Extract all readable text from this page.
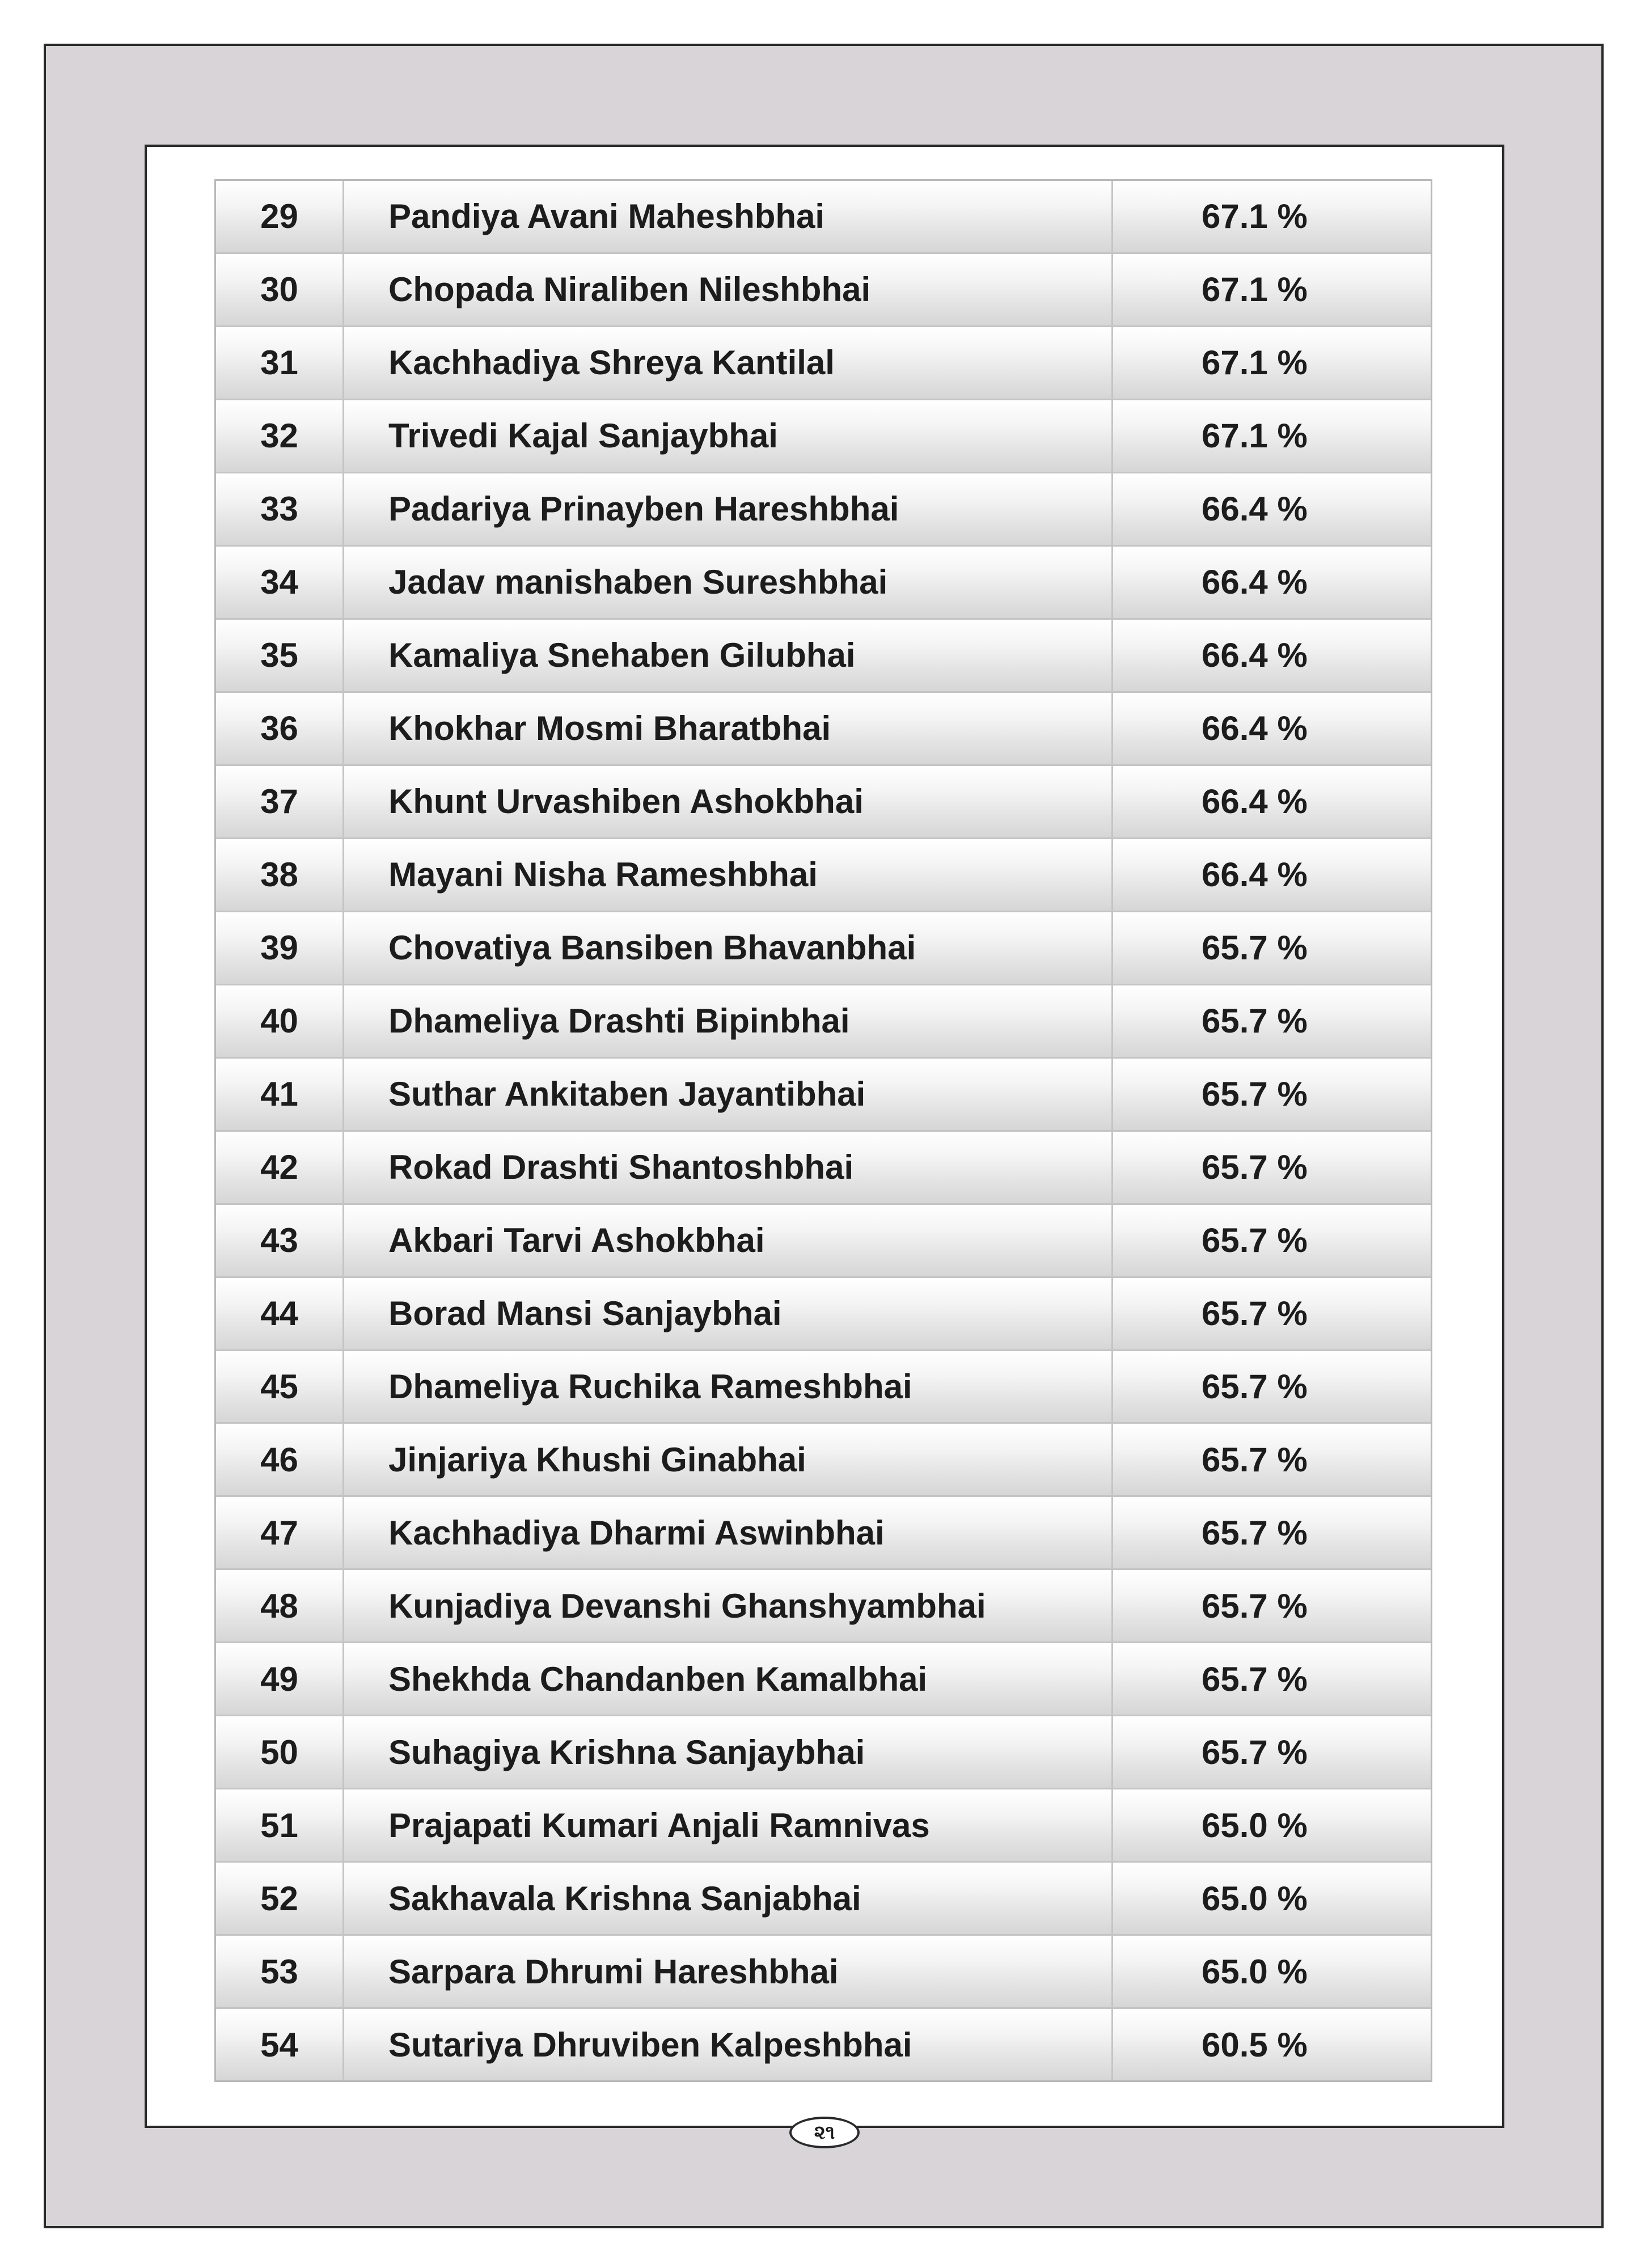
29	Pandiya Avani Maheshbhai	67.1 %
30	Chopada Niraliben Nileshbhai	67.1 %
31	Kachhadiya Shreya Kantilal	67.1 %
32	Trivedi Kajal Sanjaybhai	67.1 %
33	Padariya Prinayben Hareshbhai	66.4 %
34	Jadav manishaben Sureshbhai	66.4 %
35	Kamaliya Snehaben Gilubhai	66.4 %
36	Khokhar Mosmi Bharatbhai	66.4 %
37	Khunt Urvashiben Ashokbhai	66.4 %
38	Mayani Nisha Rameshbhai	66.4 %
39	Chovatiya Bansiben Bhavanbhai	65.7 %
40	Dhameliya Drashti Bipinbhai	65.7 %
41	Suthar Ankitaben Jayantibhai	65.7 %
42	Rokad Drashti Shantoshbhai	65.7 %
43	Akbari Tarvi Ashokbhai	65.7 %
44	Borad Mansi Sanjaybhai	65.7 %
45	Dhameliya Ruchika Rameshbhai	65.7 %
46	Jinjariya Khushi Ginabhai	65.7 %
47	Kachhadiya Dharmi Aswinbhai	65.7 %
48	Kunjadiya Devanshi Ghanshyambhai	65.7 %
49	Shekhda Chandanben Kamalbhai	65.7 %
50	Suhagiya Krishna Sanjaybhai	65.7 %
51	Prajapati Kumari Anjali Ramnivas	65.0 %
52	Sakhavala Krishna Sanjabhai	65.0 %
53	Sarpara Dhrumi Hareshbhai	65.0 %
54	Sutariya Dhruviben Kalpeshbhai	60.5 %
૨૧
